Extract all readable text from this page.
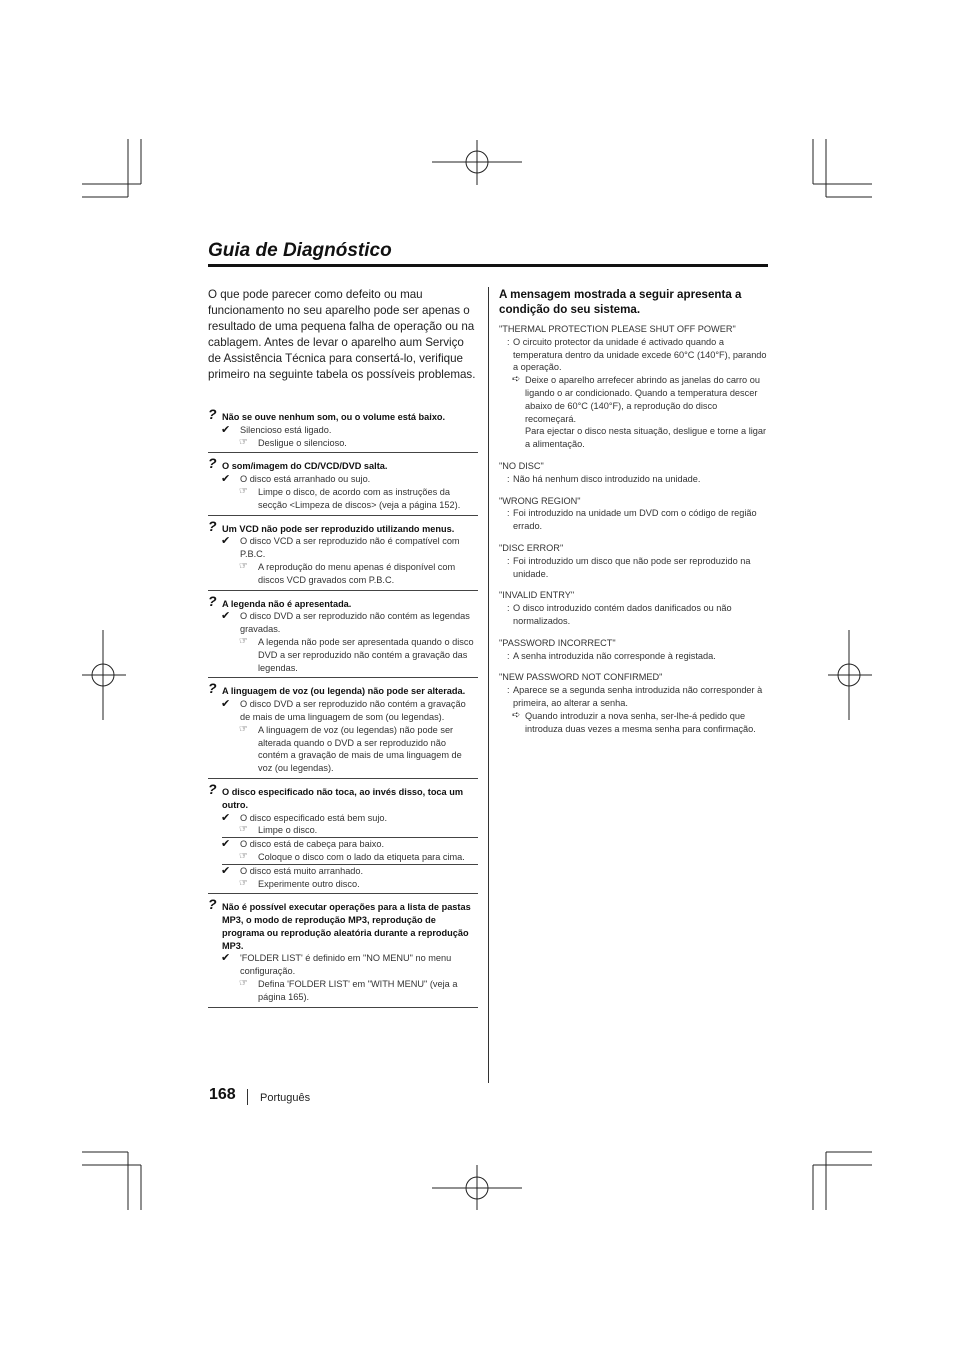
Guia de Diagnóstico
O que pode parecer como defeito ou mau funcionamento no seu aparelho pode ser apenas o resultado de uma pequena falha de operação ou na cablagem. Antes de levar o aparelho aum Serviço de Assistência Técnica para consertá-lo, verifique primeiro na seguinte tabela os possíveis problemas.
? Não se ouve nenhum som, ou o volume está baixo.
✔ Silencioso está ligado.
☞ Desligue o silencioso.
? O som/imagem do CD/VCD/DVD salta.
✔ O disco está arranhado ou sujo.
☞ Limpe o disco, de acordo com as instruções da secção <Limpeza de discos> (veja a página 152).
? Um VCD não pode ser reproduzido utilizando menus.
✔ O disco VCD a ser reproduzido não é compatível com P.B.C.
☞ A reprodução do menu apenas é disponível com discos VCD gravados com P.B.C.
? A legenda não é apresentada.
✔ O disco DVD a ser reproduzido não contém as legendas gravadas.
☞ A legenda não pode ser apresentada quando o disco DVD a ser reproduzido não contém a gravação das legendas.
? A linguagem de voz (ou legenda) não pode ser alterada.
✔ O disco DVD a ser reproduzido não contém a gravação de mais de uma linguagem de som (ou legendas).
☞ A linguagem de voz (ou legendas) não pode ser alterada quando o DVD a ser reproduzido não contém a gravação de mais de uma linguagem de voz (ou legendas).
? O disco especificado não toca, ao invés disso, toca um outro.
✔ O disco especificado está bem sujo.
☞ Limpe o disco.
✔ O disco está de cabeça para baixo.
☞ Coloque o disco com o lado da etiqueta para cima.
✔ O disco está muito arranhado.
☞ Experimente outro disco.
? Não é possível executar operações para a lista de pastas MP3, o modo de reprodução MP3, reprodução de programa ou reprodução aleatória durante a reprodução MP3.
✔ 'FOLDER LIST' é definido em "NO MENU" no menu configuração.
☞ Defina 'FOLDER LIST' em "WITH MENU" (veja a página 165).
A mensagem mostrada a seguir apresenta a condição do seu sistema.
"THERMAL PROTECTION PLEASE SHUT OFF POWER"
: O circuito protector da unidade é activado quando a temperatura dentro da unidade excede 60°C (140°F), parando a operação.
➪ Deixe o aparelho arrefecer abrindo as janelas do carro ou ligando o ar condicionado. Quando a temperatura descer abaixo de 60°C (140°F), a reprodução do disco recomeçará.
Para ejectar o disco nesta situação, desligue e torne a ligar a alimentação.
"NO DISC"
: Não há nenhum disco introduzido na unidade.
"WRONG REGION"
: Foi introduzido na unidade um DVD com o código de região errado.
"DISC ERROR"
: Foi introduzido um disco que não pode ser reproduzido na unidade.
"INVALID ENTRY"
: O disco introduzido contém dados danificados ou não normalizados.
"PASSWORD INCORRECT"
: A senha introduzida não corresponde à registada.
"NEW PASSWORD NOT CONFIRMED"
: Aparece se a segunda senha introduzida não corresponder à primeira, ao alterar a senha.
➪ Quando introduzir a nova senha, ser-lhe-á pedido que introduza duas vezes a mesma senha para confirmação.
168 Português
